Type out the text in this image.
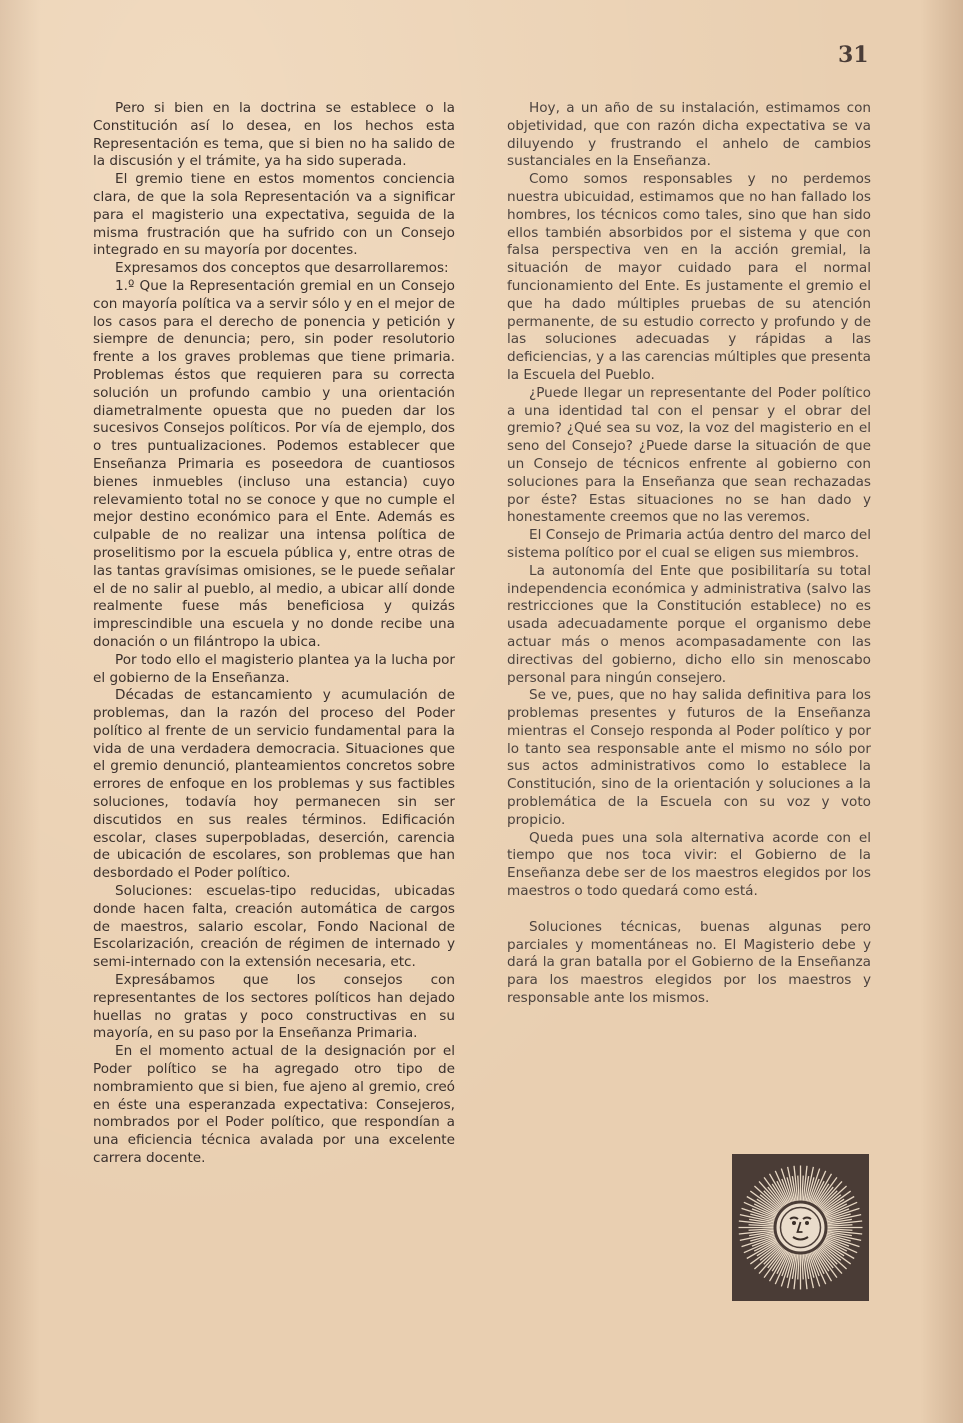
31

Pero si bien en la doctrina se establece o la Constitución así lo desea, en los hechos esta Representación es tema, que si bien no ha salido de la discusión y el trámite, ya ha sido superada.

El gremio tiene en estos momentos conciencia clara, de que la sola Representación va a significar para el magisterio una expectativa, seguida de la misma frustración que ha sufrido con un Consejo integrado en su mayoría por docentes.

Expresamos dos conceptos que desarrollaremos:

1.º Que la Representación gremial en un Consejo con mayoría política va a servir sólo y en el mejor de los casos para el derecho de ponencia y petición y siempre de denuncia; pero, sin poder resolutorio frente a los graves problemas que tiene primaria. Problemas éstos que requieren para su correcta solución un profundo cambio y una orientación diametralmente opuesta que no pueden dar los sucesivos Consejos políticos. Por vía de ejemplo, dos o tres puntualizaciones. Podemos establecer que Enseñanza Primaria es poseedora de cuantiosos bienes inmuebles (incluso una estancia) cuyo relevamiento total no se conoce y que no cumple el mejor destino económico para el Ente. Además es culpable de no realizar una intensa política de proselitismo por la escuela pública y, entre otras de las tantas gravísimas omisiones, se le puede señalar el de no salir al pueblo, al medio, a ubicar allí donde realmente fuese más beneficiosa y quizás imprescindible una escuela y no donde recibe una donación o un filántropo la ubica.

Por todo ello el magisterio plantea ya la lucha por el gobierno de la Enseñanza.

Décadas de estancamiento y acumulación de problemas, dan la razón del proceso del Poder político al frente de un servicio fundamental para la vida de una verdadera democracia. Situaciones que el gremio denunció, planteamientos concretos sobre errores de enfoque en los problemas y sus factibles soluciones, todavía hoy permanecen sin ser discutidos en sus reales términos. Edificación escolar, clases superpobladas, deserción, carencia de ubicación de escolares, son problemas que han desbordado el Poder político.

Soluciones: escuelas-tipo reducidas, ubicadas donde hacen falta, creación automática de cargos de maestros, salario escolar, Fondo Nacional de Escolarización, creación de régimen de internado y semi-internado con la extensión necesaria, etc.

Expresábamos que los consejos con representantes de los sectores políticos han dejado huellas no gratas y poco constructivas en su mayoría, en su paso por la Enseñanza Primaria.

En el momento actual de la designación por el Poder político se ha agregado otro tipo de nombramiento que si bien, fue ajeno al gremio, creó en éste una esperanzada expectativa: Consejeros, nombrados por el Poder político, que respondían a una eficiencia técnica avalada por una excelente carrera docente.

Hoy, a un año de su instalación, estimamos con objetividad, que con razón dicha expectativa se va diluyendo y frustrando el anhelo de cambios sustanciales en la Enseñanza.

Como somos responsables y no perdemos nuestra ubicuidad, estimamos que no han fallado los hombres, los técnicos como tales, sino que han sido ellos también absorbidos por el sistema y que con falsa perspectiva ven en la acción gremial, la situación de mayor cuidado para el normal funcionamiento del Ente. Es justamente el gremio el que ha dado múltiples pruebas de su atención permanente, de su estudio correcto y profundo y de las soluciones adecuadas y rápidas a las deficiencias, y a las carencias múltiples que presenta la Escuela del Pueblo.

¿Puede llegar un representante del Poder político a una identidad tal con el pensar y el obrar del gremio? ¿Qué sea su voz, la voz del magisterio en el seno del Consejo? ¿Puede darse la situación de que un Consejo de técnicos enfrente al gobierno con soluciones para la Enseñanza que sean rechazadas por éste? Estas situaciones no se han dado y honestamente creemos que no las veremos.

El Consejo de Primaria actúa dentro del marco del sistema político por el cual se eligen sus miembros.

La autonomía del Ente que posibilitaría su total independencia económica y administrativa (salvo las restricciones que la Constitución establece) no es usada adecuadamente porque el organismo debe actuar más o menos acompasadamente con las directivas del gobierno, dicho ello sin menoscabo personal para ningún consejero.

Se ve, pues, que no hay salida definitiva para los problemas presentes y futuros de la Enseñanza mientras el Consejo responda al Poder político y por lo tanto sea responsable ante el mismo no sólo por sus actos administrativos como lo establece la Constitución, sino de la orientación y soluciones a la problemática de la Escuela con su voz y voto propicio.

Queda pues una sola alternativa acorde con el tiempo que nos toca vivir: el Gobierno de la Enseñanza debe ser de los maestros elegidos por los maestros o todo quedará como está.

Soluciones técnicas, buenas algunas pero parciales y momentáneas no. El Magisterio debe y dará la gran batalla por el Gobierno de la Enseñanza para los maestros elegidos por los maestros y responsable ante los mismos.
